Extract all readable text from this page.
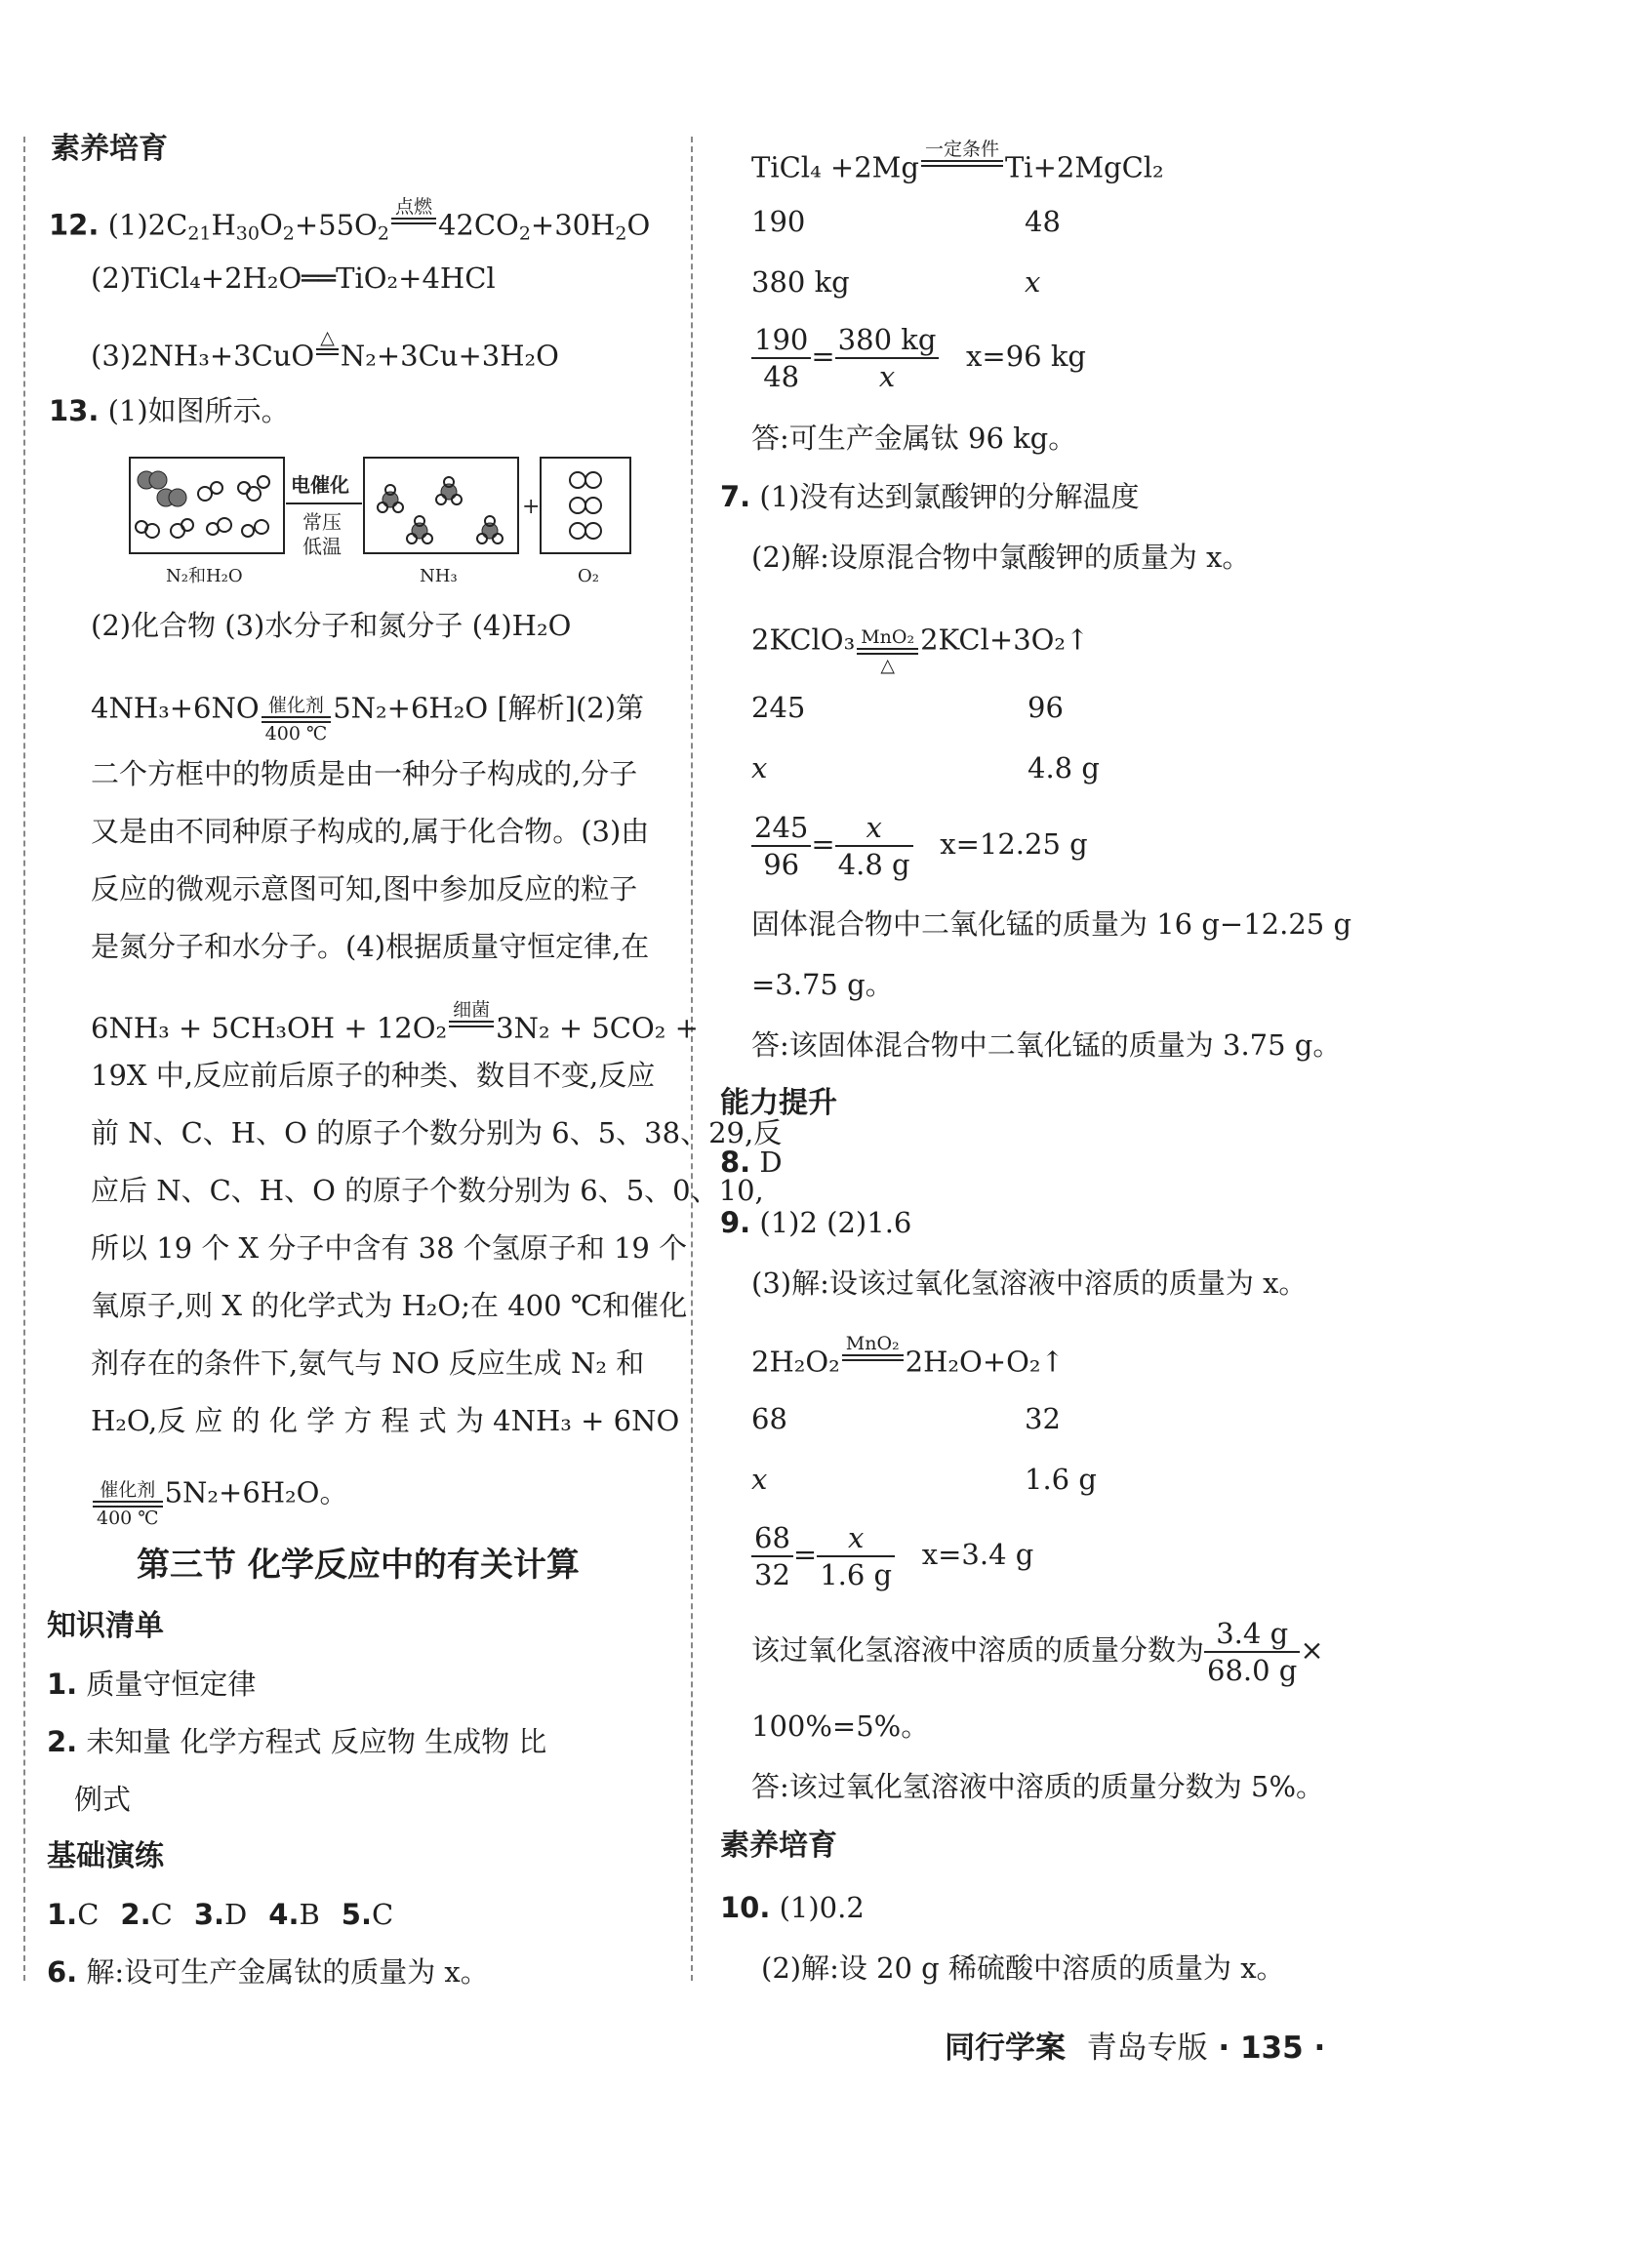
素养培育
12. $(1)2C_{21}H_{30}O_2+55O_2$
点燃

$42CO_2+30H_2O$
(2)TiCl₄+2H₂O══TiO₂+4HCl
(3)2NH₃+3CuO
△

N₂+3Cu+3H₂O
13. (1)如图所示。
电催化
常压
低温
+
N₂和H₂O	NH₃	O₂
(2)化合物 (3)水分子和氮分子 (4)H₂O
4NH₃+6NO 催化剂
400 ℃
5N₂+6H₂O [解析](2)第
二个方框中的物质是由一种分子构成的,分子
又是由不同种原子构成的,属于化合物。(3)由
反应的微观示意图可知,图中参加反应的粒子
是氮分子和水分子。(4)根据质量守恒定律,在
6NH₃ + 5CH₃OH + 12O₂
细菌

3N₂ + 5CO₂ +
19X 中,反应前后原子的种类、数目不变,反应
前 N、C、H、O 的原子个数分别为 6、5、38、29,反
应后 N、C、H、O 的原子个数分别为 6、5、0、10,
所以 19 个 X 分子中含有 38 个氢原子和 19 个
氧原子,则 X 的化学式为 H₂O;在 400 ℃和催化
剂存在的条件下,氨气与 NO 反应生成 N₂ 和
H₂O,反 应 的 化 学 方 程 式 为 4NH₃ + 6NO
催化剂
400 ℃
5N₂+6H₂O。
第三节 化学反应中的有关计算
知识清单
1. 质量守恒定律
2. 未知量 化学方程式 反应物 生成物 比
例式
基础演练
1.C 2.C 3.D 4.B 5.C
6. 解:设可生产金属钛的质量为 x。
TiCl₄ +2Mg
一定条件

Ti+2MgCl₂
190	48
380 kg	x
$\frac{190}{48} = \frac{380 kg}{x} x=96$ kg
答:可生产金属钛 96 kg。
7. (1)没有达到氯酸钾的分解温度
(2)解:设原混合物中氯酸钾的质量为 x。
2KClO₃ MnO₂
△
2KCl+3O₂↑
245	96
x	4.8 g
$\frac{245}{96} = \frac{x}{4.8 g} x=12.25$ g
固体混合物中二氧化锰的质量为 16 g−12.25 g
=3.75 g。
答:该固体混合物中二氧化锰的质量为 3.75 g。
能力提升
8. D
9. (1)2 (2)1.6
(3)解:设该过氧化氢溶液中溶质的质量为 x。
2H₂O₂
MnO₂

2H₂O+O₂↑
68	32
x	1.6 g
$\frac{68}{32} = \frac{x}{1.6 g} x=3.4$ g
该过氧化氢溶液中溶质的质量分数为 $\frac{3.4 g}{68.0 g}$ ×
100%=5%。
答:该过氧化氢溶液中溶质的质量分数为 5%。
素养培育
10. (1)0.2
(2)解:设 20 g 稀硫酸中溶质的质量为 x。
同行学案 青岛专版 · 135 ·
